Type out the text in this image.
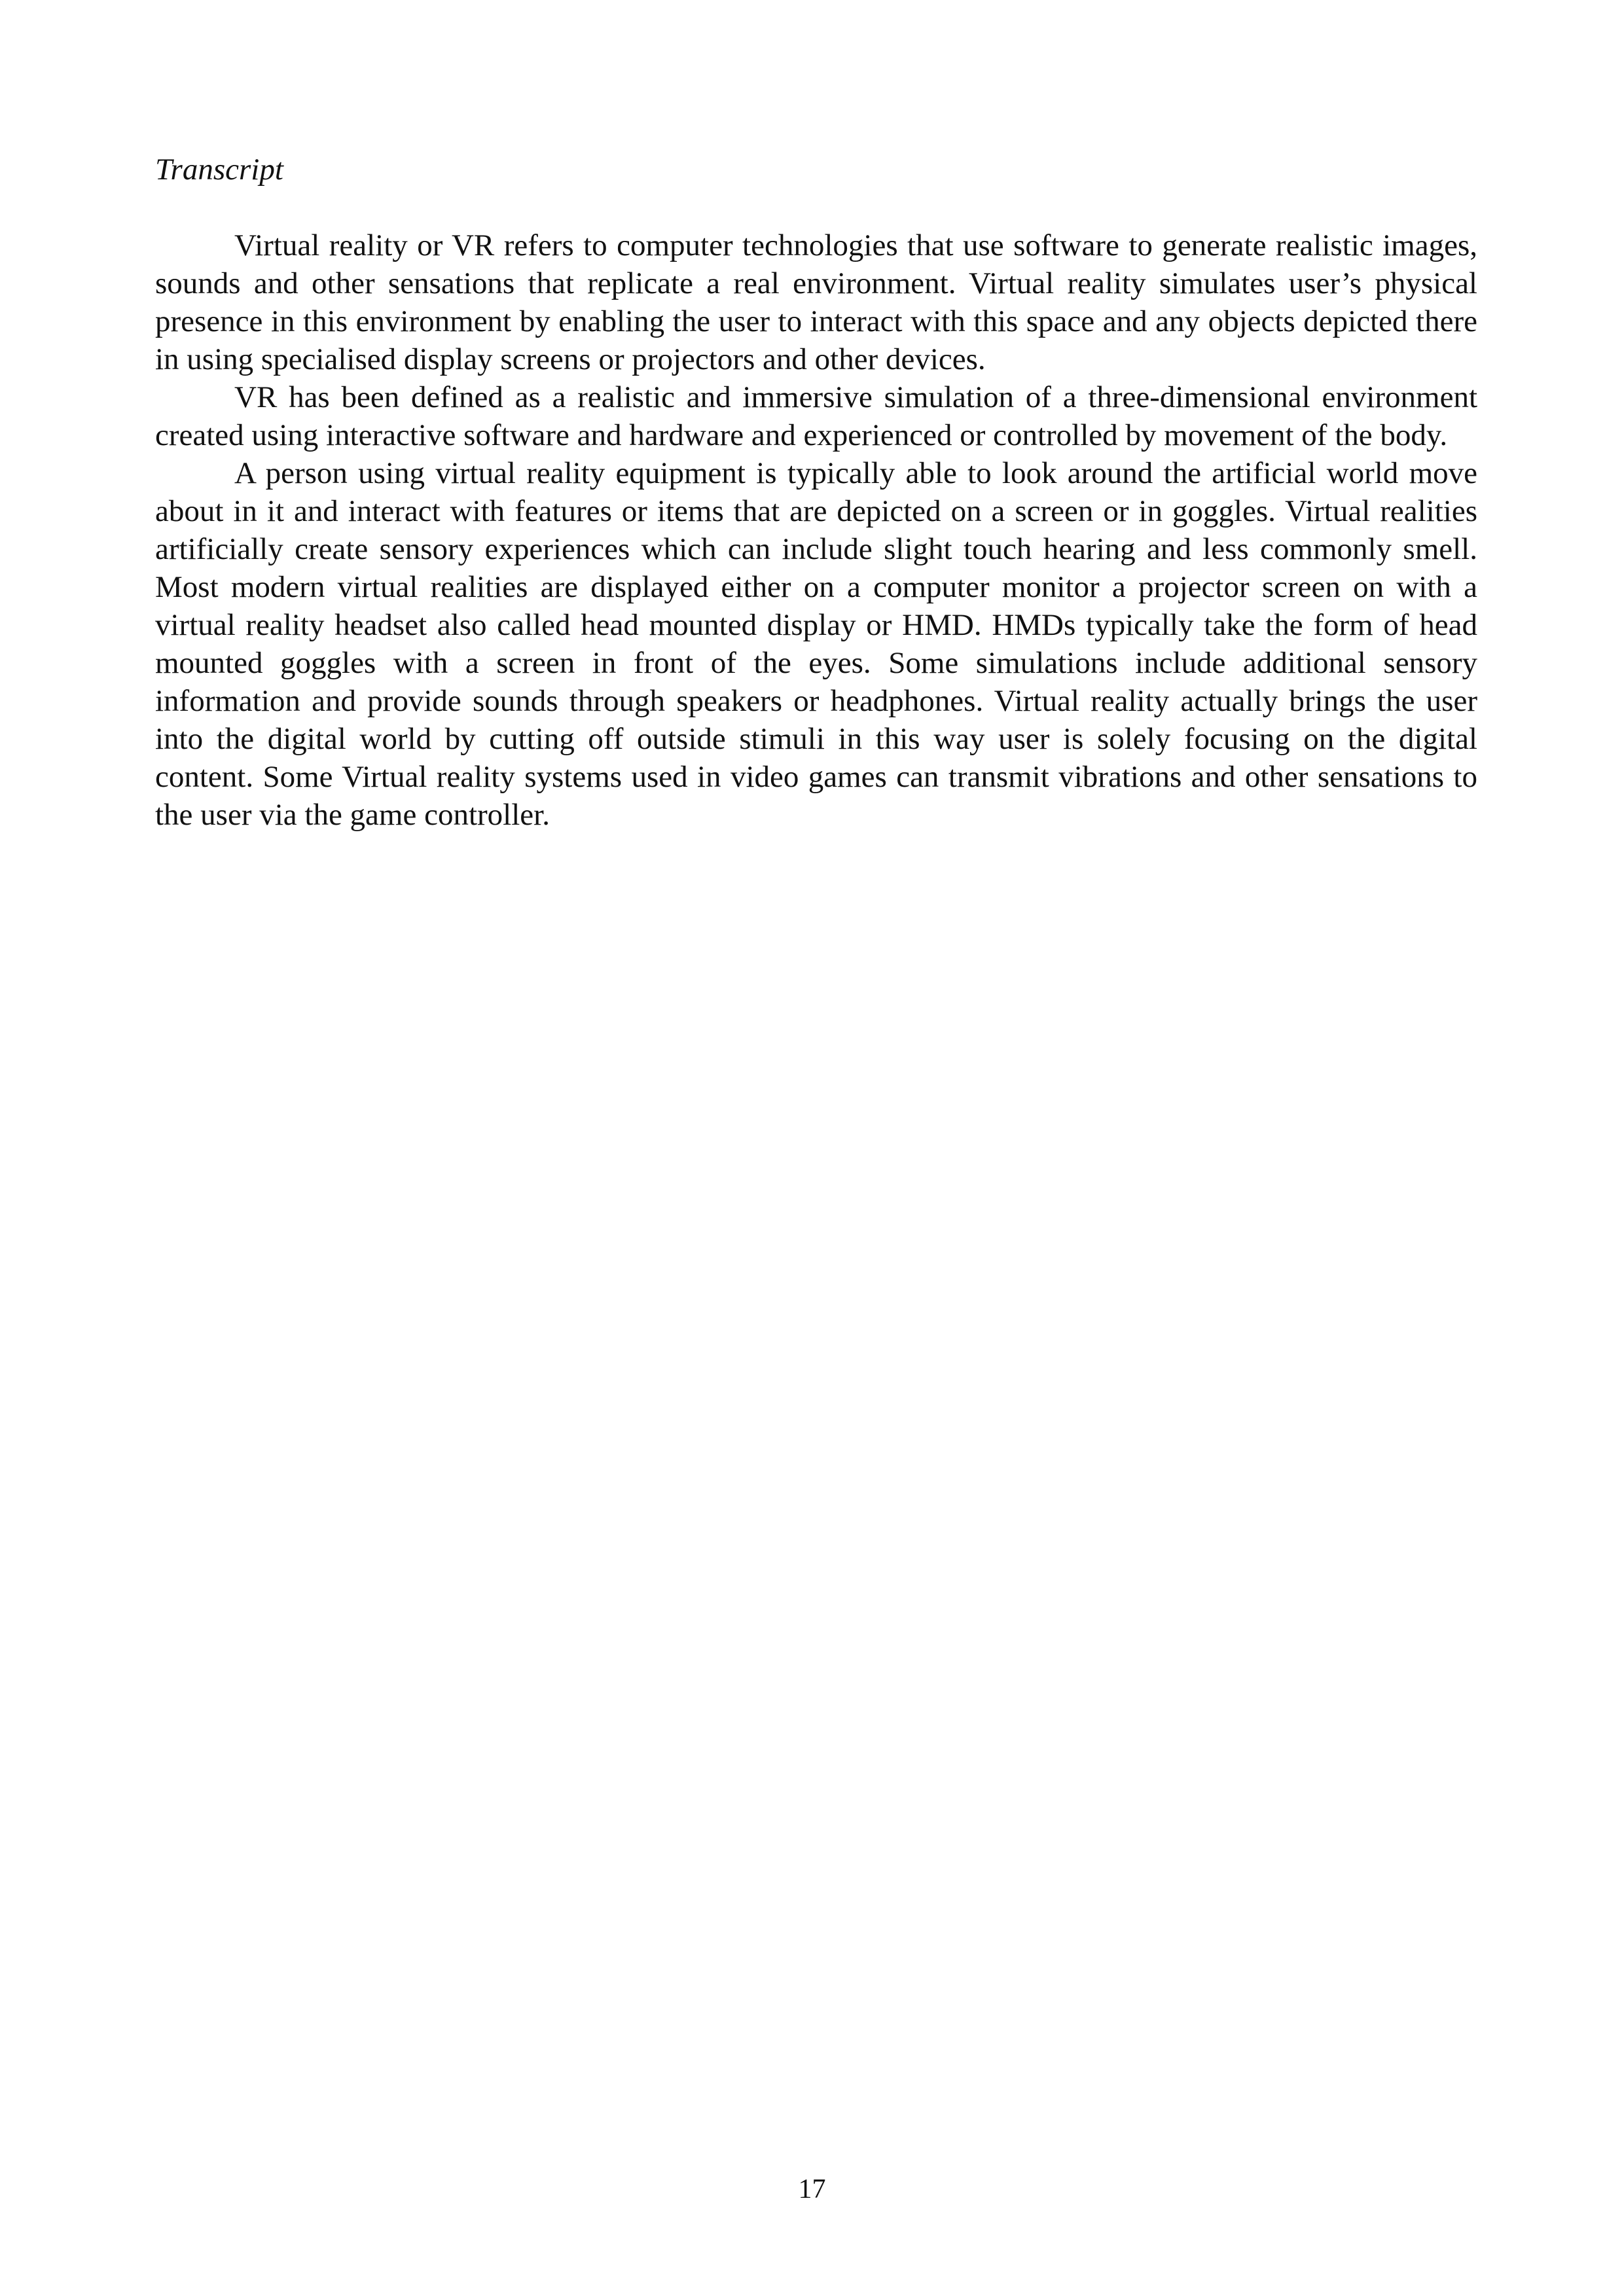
Transcript

Virtual reality or VR refers to computer technologies that use software to generate realistic images, sounds and other sensations that replicate a real environment. Virtual reality simulates user’s physical presence in this environment by enabling the user to interact with this space and any objects depicted there in using specialised display screens or projectors and other devices.

VR has been defined as a realistic and immersive simulation of a three-dimensional environment created using interactive software and hardware and experienced or controlled by movement of the body.

A person using virtual reality equipment is typically able to look around the artificial world move about in it and interact with features or items that are depicted on a screen or in goggles. Virtual realities artificially create sensory experiences which can include slight touch hearing and less commonly smell. Most modern virtual realities are displayed either on a computer monitor a projector screen on with a virtual reality headset also called head mounted display or HMD. HMDs typically take the form of head mounted goggles with a screen in front of the eyes. Some simulations include additional sensory information and provide sounds through speakers or headphones. Virtual reality actually brings the user into the digital world by cutting off outside stimuli in this way user is solely focusing on the digital content. Some Virtual reality systems used in video games can transmit vibrations and other sensations to the user via the game controller.

17
